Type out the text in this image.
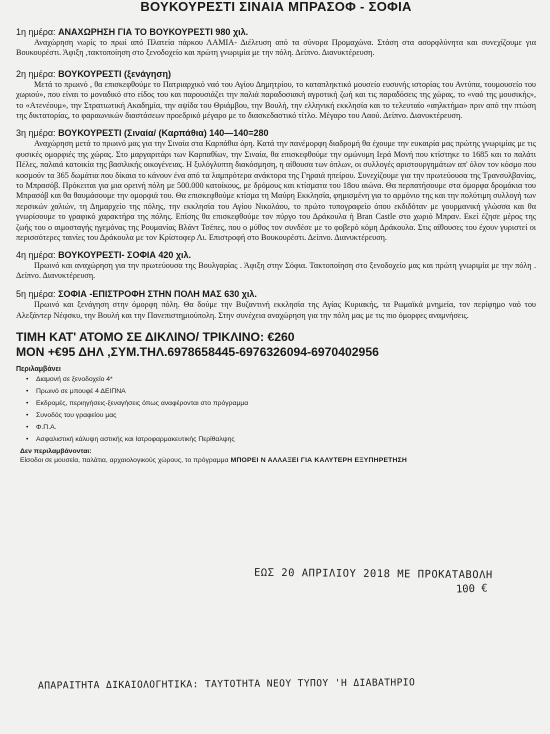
ΒΟΥΚΟΥΡΕΣΤΙ ΣΙΝΑΙΑ ΜΠΡΑΣΟΦ - ΣΟΦΙΑ

1η ημέρα: ΑΝΑΧΩΡΗΣΗ ΓΙΑ ΤΟ ΒΟΥΚΟΥΡΕΣΤΙ 980 χιλ.

Αναχώρηση νωρίς το πρωί από Πλατεία πάρκου ΛΑΜΙΑ- Διέλευση από τα σύνορα Προμαχώνα. Στάση στα ασορφλύνητα και συνεχίζουμε για Βουκουρέστι. Άφιξη ,τακτοποίηση στο ξενοδοχείο και πρώτη γνωριμία με την πόλη. Δείπνο. Διανυκτέρευση.

2η ημέρα: ΒΟΥΚΟΥΡΕΣΤΙ (ξενάγηση)

Μετά το πρωινό , θα επισκεφθούμε το Πατριαρχικό ναό του Αγίου Δημητρίου, το καταπληκτικό μουσείο ευσυνής ιστορίας του Αντύπα, τουμουσείο του χωριού», που είναι το μοναδικό στο είδος του και παρουσιάζει την παλιά παραδοσιακή αγροτική ζωή και τις παραδόσεις της χώρας, το «ναό της μουσικής», το «Ατενέουμ», την Στρατιωτική Ακαδημία, την αψίδα του Θριάμβου, την Βουλή, την ελληνική εκκλησία και το τελευταίο «αηλκτήμα» πριν από την πτώση της δικτατορίας, το φαραωνικών διαστάσεων προεδρικό μέγαρο με το διασκεδαστικό τίτλο. Μέγαρο του Λαού. Δείπνο. Διανυκτέρευση.

3η ημέρα: ΒΟΥΚΟΥΡΕΣΤΙ (Σιναία/ (Καρπάθια) 140—140=280

Αναχώρηση μετά το πρωινό μας για την Σιναία στα Καρπάθια όρη. Κατά την πανέμορφη διαδρομή θα έχουμε την ευκαιρία μας πρώτης γνωριμίας με τις φυσικές ομορφιές της χώρας. Στο μαργαριτάρι των Καρπαθίων, την Σιναία, θα επισκεφθούμε την ομώνυμη Ιερά Μονή που κτίστηκε το 1685 και το παλάτι Πέλες, παλαιά κατοικία της βασιλικής οικογένειας. Η ξυλόγλυπτη διακόσμηση, η αίθουσα των όπλων, οι συλλογές αριστουργημάτων απ' όλον τον κόσμο που κοσμούν τα 365 δωμάτια που δίκαια το κάνουν ένα από τα λαμπρότερα ανάκτορα της Γηραιά ηπείρου. Συνεχίζουμε για την πρωτεύουσα της Τρανσυλβανίας, το Μπρασόβ. Πρόκειται για μια ορεινή πόλη με 500.000 κατοίκους, με δρόμους και κτίσματα του 18ου αιώνα. Θα περπατήσουμε στα όμορφα δρομάκια του Μπρασόβ και θα θαυμάσουμε την ομορφιά του. Θα επισκεφθούμε κτίσμα τη Μαύρη Εκκλησία, φημισμένη για το αρμόνιο της και την πολύτιμη συλλογή των περσικών χαλιών, τη Δημαρχείο της πόλης, την εκκλησία του Αγίου Νικολάου, το πρώτο τυπογραφείο όπου εκδιδόταν με γουρμανική γλώσσα και θα γνωρίσουμε το γραφικό χαρακτήρα της πόλης. Επίσης θα επισκεφθούμε τον πύργο του Δράκουλα ή Bran Castle στο χωριό Μπραν. Εκεί έζησε μέρος της ζωής του ο αιμοσταγής ηγεμόνας της Ρουμανίας Βλάντ Τσέπες, που ο μύθος τον συνδέσε με το φοβερό κόμη Δράκουλα. Στις αίθουσες του έχουν γυριστεί οι περισσότερες ταινίες του Δράκουλα με τον Κρίστοφερ Λι. Επιστροφή στο Βουκουρέστι. Δείπνο. Διανυκτέρευση.

4η ημέρα: ΒΟΥΚΟΥΡΕΣΤΙ- ΣΟΦΙΑ 420 χιλ.

Πρωινό και αναχώρηση για την πρωτεύουσα της Βουλγαρίας . Άφιξη στην Σόφια. Τακτοποίηση στο ξενοδοχείο μας και πρώτη γνωριμία με την πόλη . Δείπνο. Διανυκτέρευση.

5η ημέρα: ΣΟΦΙΑ -ΕΠΙΣΤΡΟΦΗ ΣΤΗΝ ΠΟΛΗ ΜΑΣ 630 χιλ.

Πρωινό και ξενάγηση στην όμορφη πόλη. Θα δούμε την Βυζαντινή εκκλησία της Αγίας Κυριακής, τα Ρωμαϊκά μνημεία, τον περίφημο ναό του Αλεξάντερ Νέφσκυ, την Βουλή και την Πανεπιστημιούπολη. Στην συνέχεια αναχώρηση για την πόλη μας με τις πιο όμορφες αναμνήσεις.

ΤΙΜΗ ΚΑΤ' ΑΤΟΜΟ ΣΕ ΔΙΚΛΙΝΟ/ ΤΡΙΚΛΙΝΟ: €260

ΜΟΝ +€95 ΔΗΛ ,ΣΥΜ.ΤΗΛ.6978658445-6976326094-6970402956

Περιλαμβάνει

• Διαμονή σε ξενοδοχείο 4*
• Πρωινό σε μπουφέ 4 ΔΕΙΠΝΑ
• Εκδρομές, περιηγήσεις-ξεναγήσεις όπως αναφέρονται στο πρόγραμμα
• Συνοδός του γραφείου μας
• Φ.Π.Α.
• Ασφαλιστική κάλυψη αστικής και Ιατροφαρμακευτικής Περίθαλψης

Δεν περιλαμβάνονται:

Είσοδοι σε μουσεία, παλάτια, αρχαιολογικούς χώρους, το πρόγραμμα ΜΠΟΡΕΙ Ν ΑΛΛΑΞΕΙ ΓΙΑ ΚΑΛΥΤΕΡΗ ΕΞΥΠΗΡΕΤΗΣΗ

ΕΩΣ 20 ΑΠΡΙΛΙΟΥ 2018 ΜΕ ΠΡΟΚΑΤΑΒΟΛΗ
100 €
ΑΠΑΡΑΙΤΗΤΑ ΔΙΚΑΙΟΛΟΓΗΤΙΚΑ: ΤΑΥΤΟΤΗΤΑ ΝΕΟΥ ΤΥΠΟΥ 'Η ΔΙΑΒΑΤΗΡΙΟ
